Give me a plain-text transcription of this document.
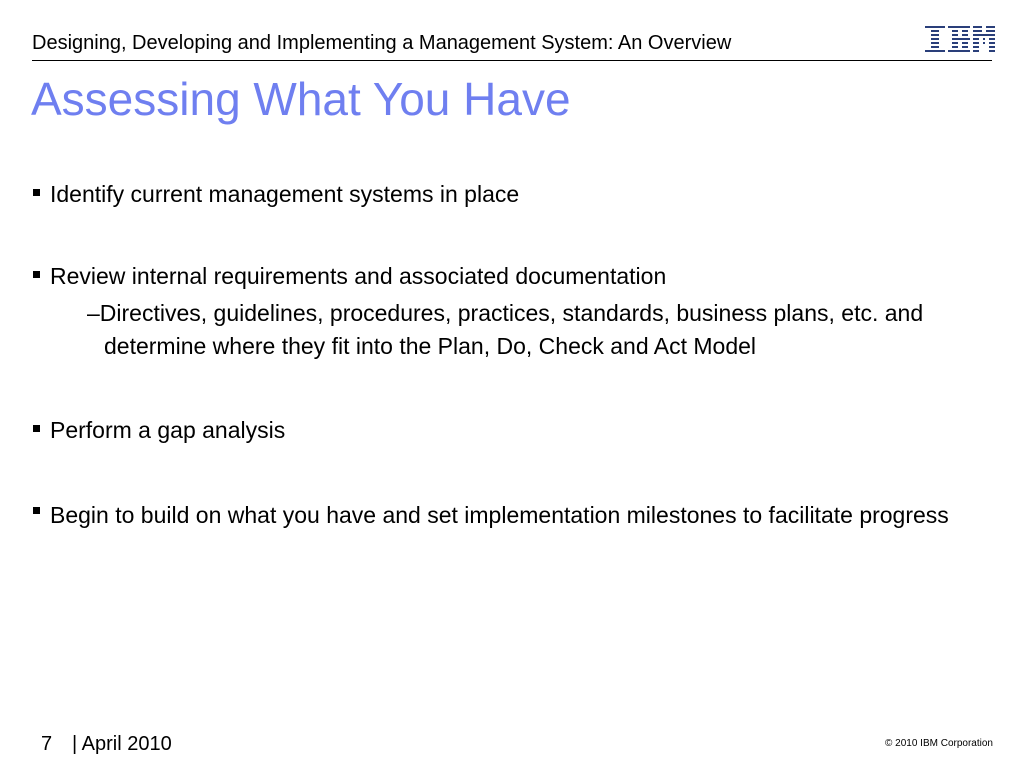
Designing, Developing and Implementing a Management System: An Overview
Assessing What You Have
Identify current management systems in place
Review internal requirements and associated documentation
–Directives, guidelines, procedures, practices, standards, business plans, etc. and determine where they fit into the Plan, Do, Check and Act Model
Perform a gap analysis
Begin to build on what you have and set implementation milestones to facilitate progress
7 | April 2010	© 2010 IBM Corporation
